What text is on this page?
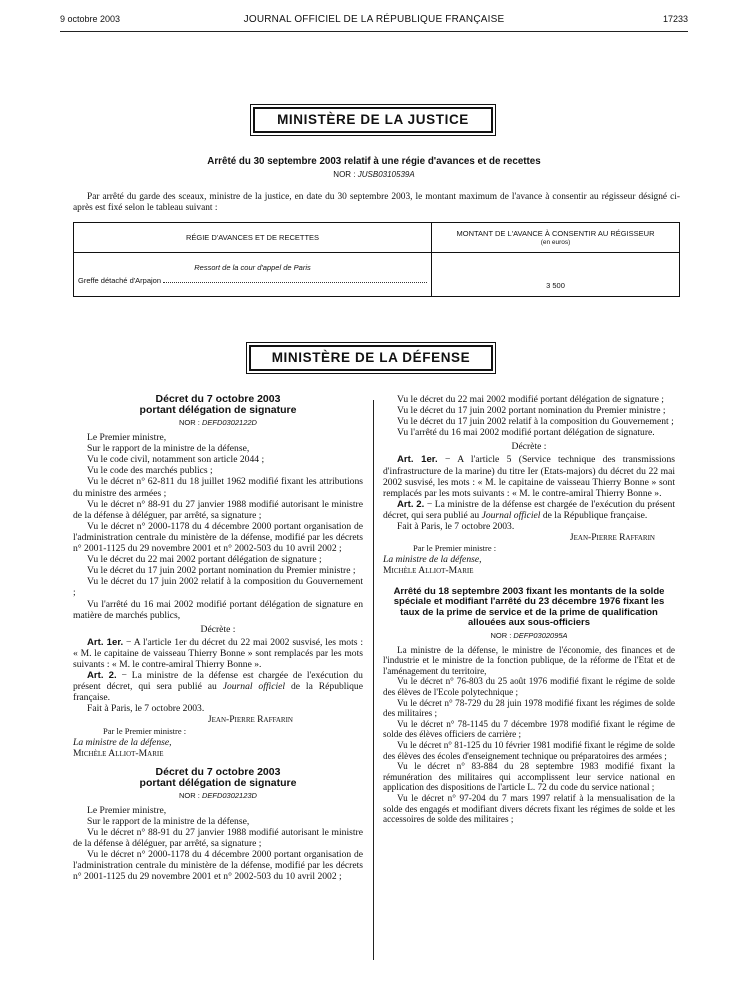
9 octobre 2003	JOURNAL OFFICIEL DE LA RÉPUBLIQUE FRANÇAISE	17233
MINISTÈRE DE LA JUSTICE
Arrêté du 30 septembre 2003 relatif à une régie d'avances et de recettes
NOR : JUSB0310539A
Par arrêté du garde des sceaux, ministre de la justice, en date du 30 septembre 2003, le montant maximum de l'avance à consentir au régisseur désigné ci-après est fixé selon le tableau suivant :
RÉGIE D'AVANCES ET DE RECETTES	MONTANT DE L'AVANCE À CONSENTIR AU RÉGISSEUR
(en euros)

Ressort de la cour d'appel de Paris
Greffe détaché d'Arpajon	3 500
MINISTÈRE DE LA DÉFENSE
Décret du 7 octobre 2003
portant délégation de signature

NOR : DEFD0302122D

Le Premier ministre,

Sur le rapport de la ministre de la défense,

Vu le code civil, notamment son article 2044 ;

Vu le code des marchés publics ;

Vu le décret n° 62-811 du 18 juillet 1962 modifié fixant les attributions du ministre des armées ;

Vu le décret n° 88-91 du 27 janvier 1988 modifié autorisant le ministre de la défense à déléguer, par arrêté, sa signature ;

Vu le décret n° 2000-1178 du 4 décembre 2000 portant organisation de l'administration centrale du ministère de la défense, modifié par les décrets n° 2001-1125 du 29 novembre 2001 et n° 2002-503 du 10 avril 2002 ;

Vu le décret du 22 mai 2002 portant délégation de signature ;

Vu le décret du 17 juin 2002 portant nomination du Premier ministre ;

Vu le décret du 17 juin 2002 relatif à la composition du Gouvernement ;

Vu l'arrêté du 16 mai 2002 modifié portant délégation de signature en matière de marchés publics,

Décrète :

Art. 1er. − A l'article 1er du décret du 22 mai 2002 susvisé, les mots : « M. le capitaine de vaisseau Thierry Bonne » sont remplacés par les mots suivants : « M. le contre-amiral Thierry Bonne ».

Art. 2. − La ministre de la défense est chargée de l'exécution du présent décret, qui sera publié au Journal officiel de la République française.

Fait à Paris, le 7 octobre 2003.

Jean-Pierre Raffarin

Par le Premier ministre :

La ministre de la défense,

Michèle Alliot-Marie

Décret du 7 octobre 2003
portant délégation de signature

NOR : DEFD0302123D

Le Premier ministre,

Sur le rapport de la ministre de la défense,

Vu le décret n° 88-91 du 27 janvier 1988 modifié autorisant le ministre de la défense à déléguer, par arrêté, sa signature ;

Vu le décret n° 2000-1178 du 4 décembre 2000 portant organisation de l'administration centrale du ministère de la défense, modifié par les décrets n° 2001-1125 du 29 novembre 2001 et n° 2002-503 du 10 avril 2002 ;

Vu le décret du 22 mai 2002 modifié portant délégation de signature ;

Vu le décret du 17 juin 2002 portant nomination du Premier ministre ;

Vu le décret du 17 juin 2002 relatif à la composition du Gouvernement ;

Vu l'arrêté du 16 mai 2002 modifié portant délégation de signature.

Décrète :

Art. 1er. − A l'article 5 (Service technique des transmissions d'infrastructure de la marine) du titre Ier (Etats-majors) du décret du 22 mai 2002 susvisé, les mots : « M. le capitaine de vaisseau Thierry Bonne » sont remplacés par les mots suivants : « M. le contre-amiral Thierry Bonne ».

Art. 2. − La ministre de la défense est chargée de l'exécution du présent décret, qui sera publié au Journal officiel de la République française.

Fait à Paris, le 7 octobre 2003.

Jean-Pierre Raffarin

Par le Premier ministre :

La ministre de la défense,

Michèle Alliot-Marie

Arrêté du 18 septembre 2003 fixant les montants de la solde spéciale et modifiant l'arrêté du 23 décembre 1976 fixant les taux de la prime de service et de la prime de qualification allouées aux sous-officiers

NOR : DEFP0302095A

La ministre de la défense, le ministre de l'économie, des finances et de l'industrie et le ministre de la fonction publique, de la réforme de l'Etat et de l'aménagement du territoire,

Vu le décret n° 76-803 du 25 août 1976 modifié fixant le régime de solde des élèves de l'Ecole polytechnique ;

Vu le décret n° 78-729 du 28 juin 1978 modifié fixant les régimes de solde des militaires ;

Vu le décret n° 78-1145 du 7 décembre 1978 modifié fixant le régime de solde des élèves officiers de carrière ;

Vu le décret n° 81-125 du 10 février 1981 modifié fixant le régime de solde des élèves des écoles d'enseignement technique ou préparatoires des armées ;

Vu le décret n° 83-884 du 28 septembre 1983 modifié fixant la rémunération des militaires qui accomplissent leur service national en application des dispositions de l'article L. 72 du code du service national ;

Vu le décret n° 97-204 du 7 mars 1997 relatif à la mensualisation de la solde des engagés et modifiant divers décrets fixant les régimes de solde et les accessoires de solde des militaires ;
